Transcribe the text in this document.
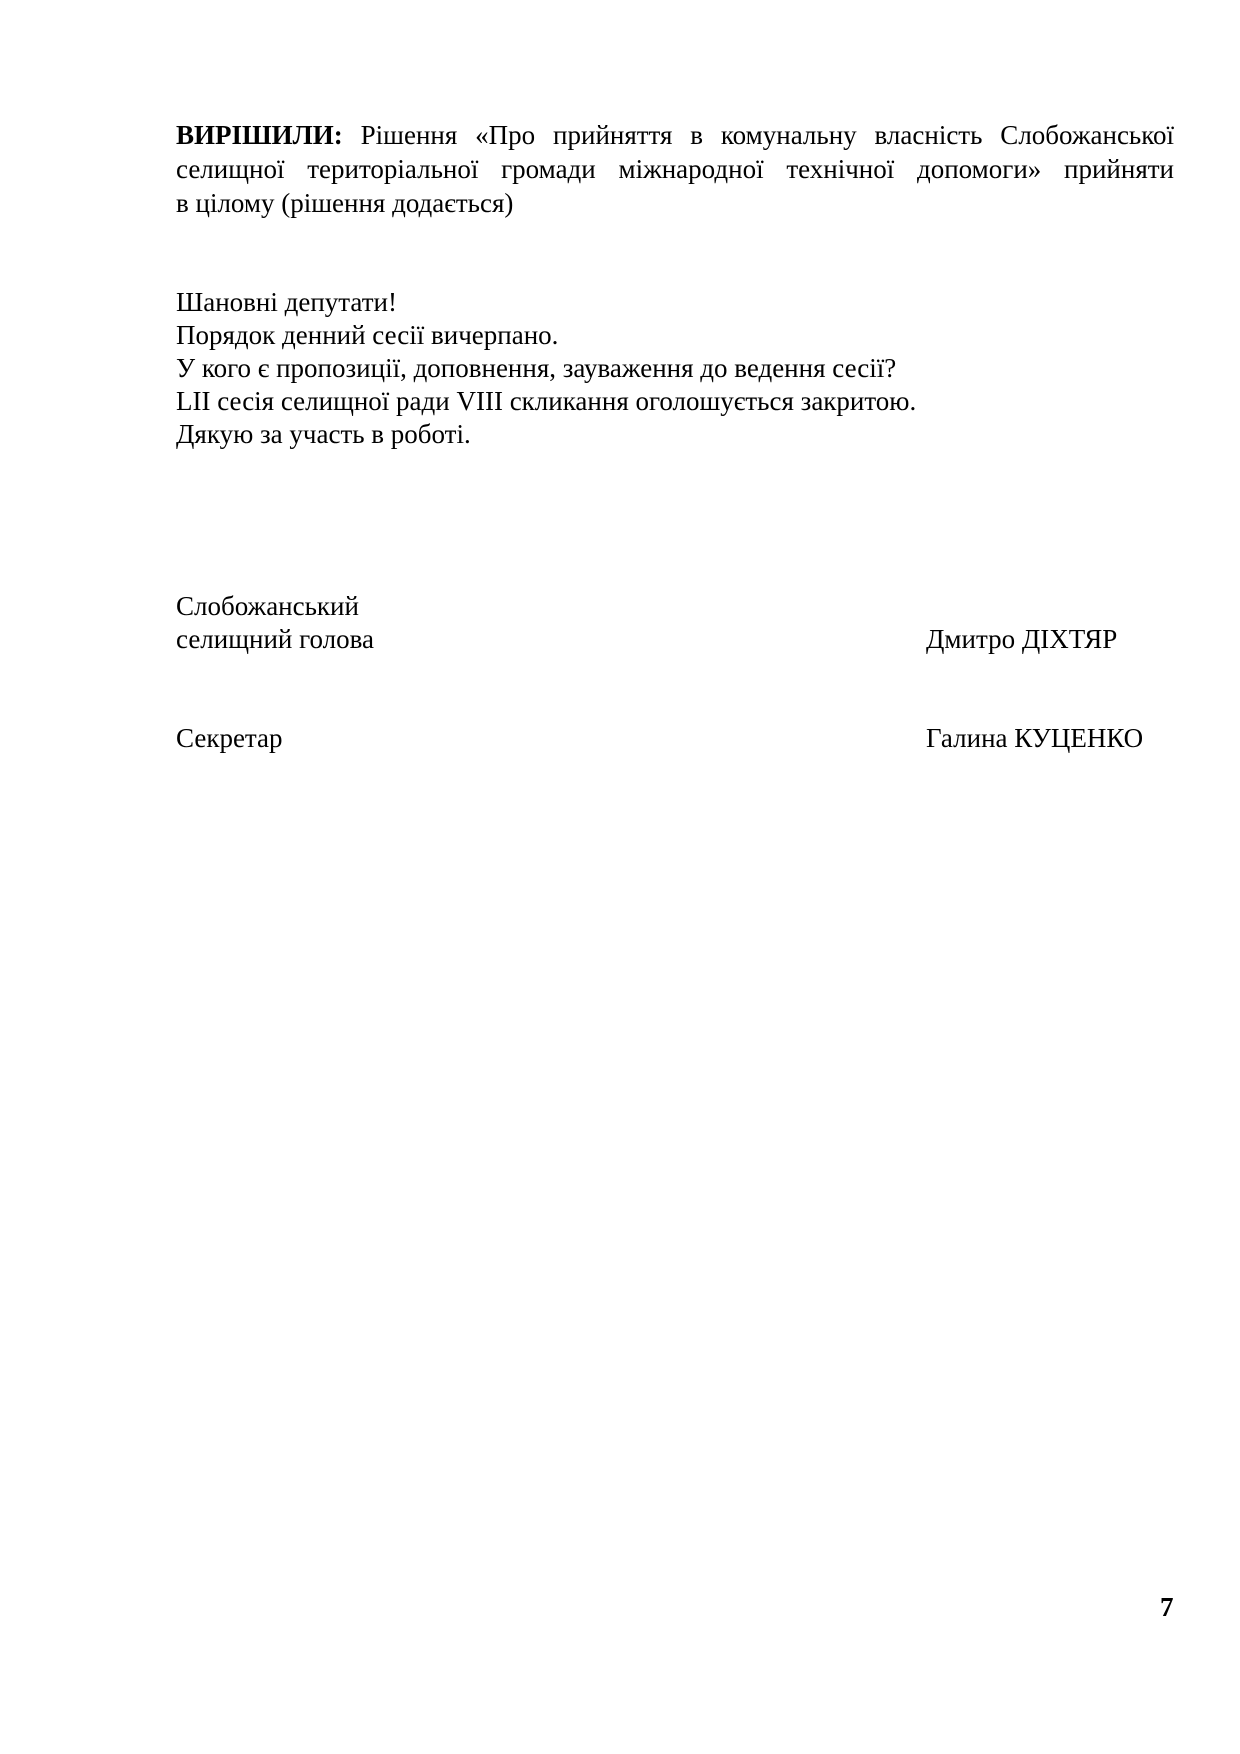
ВИРІШИЛИ: Рішення «Про прийняття в комунальну власність Слобожанської
селищної територіальної громади міжнародної технічної допомоги» прийняти
в цілому (рішення додається)
Шановні депутати!
Порядок денний сесії вичерпано.
У кого є пропозиції, доповнення, зауваження до ведення сесії?
LII сесія селищної ради VIII скликання оголошується закритою.
Дякую за участь в роботі.
Слобожанський
селищний голова	Дмитро ДІХТЯР
Секретар	Галина КУЦЕНКО
7
